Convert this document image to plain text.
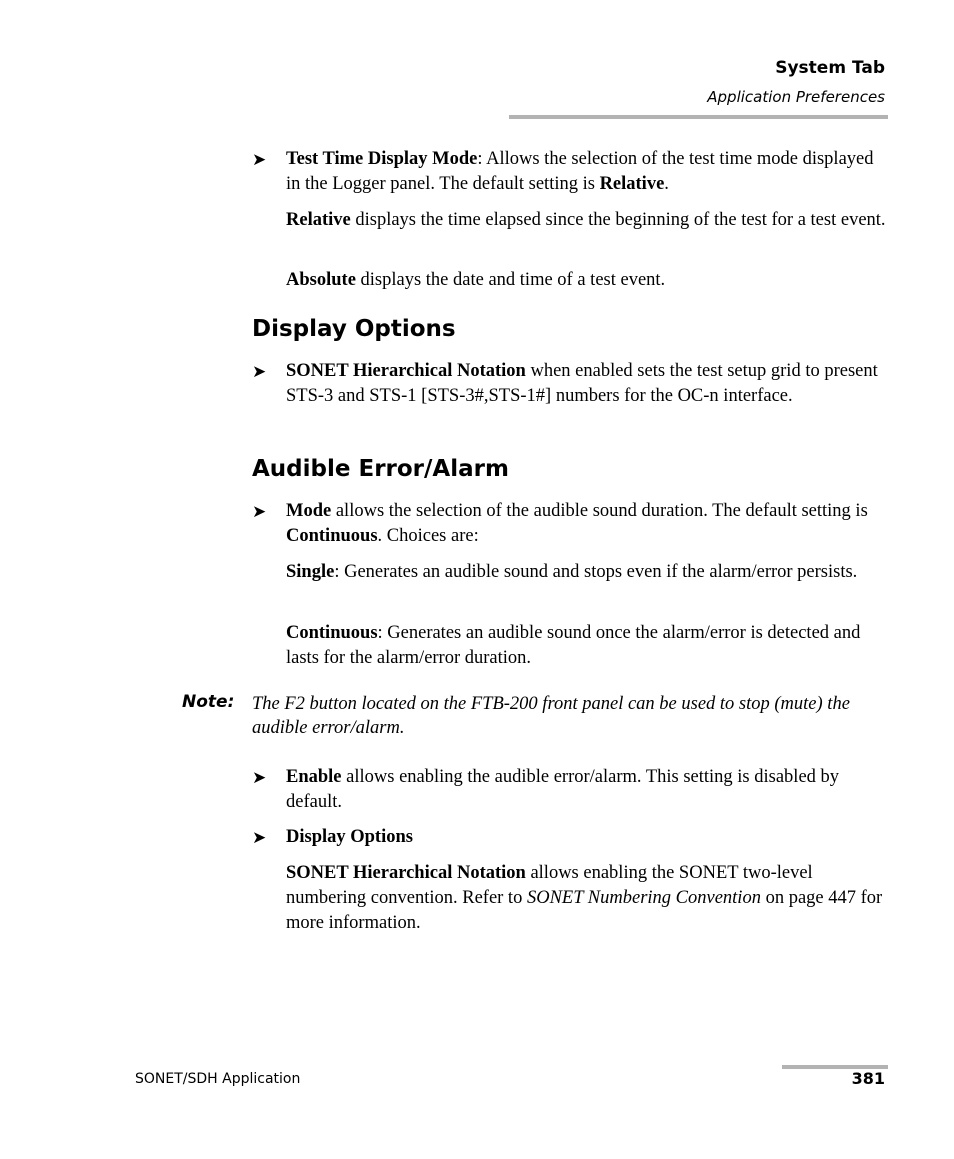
System Tab
Application Preferences
➤ Test Time Display Mode: Allows the selection of the test time mode displayed in the Logger panel. The default setting is Relative.
Relative displays the time elapsed since the beginning of the test for a test event.
Absolute displays the date and time of a test event.
Display Options
➤ SONET Hierarchical Notation when enabled sets the test setup grid to present STS-3 and STS-1 [STS-3#,STS-1#] numbers for the OC-n interface.
Audible Error/Alarm
➤ Mode allows the selection of the audible sound duration. The default setting is Continuous. Choices are:
Single: Generates an audible sound and stops even if the alarm/error persists.
Continuous: Generates an audible sound once the alarm/error is detected and lasts for the alarm/error duration.
Note: The F2 button located on the FTB-200 front panel can be used to stop (mute) the audible error/alarm.
➤ Enable allows enabling the audible error/alarm. This setting is disabled by default.
➤ Display Options
SONET Hierarchical Notation allows enabling the SONET two-level numbering convention. Refer to SONET Numbering Convention on page 447 for more information.
SONET/SDH Application	381
